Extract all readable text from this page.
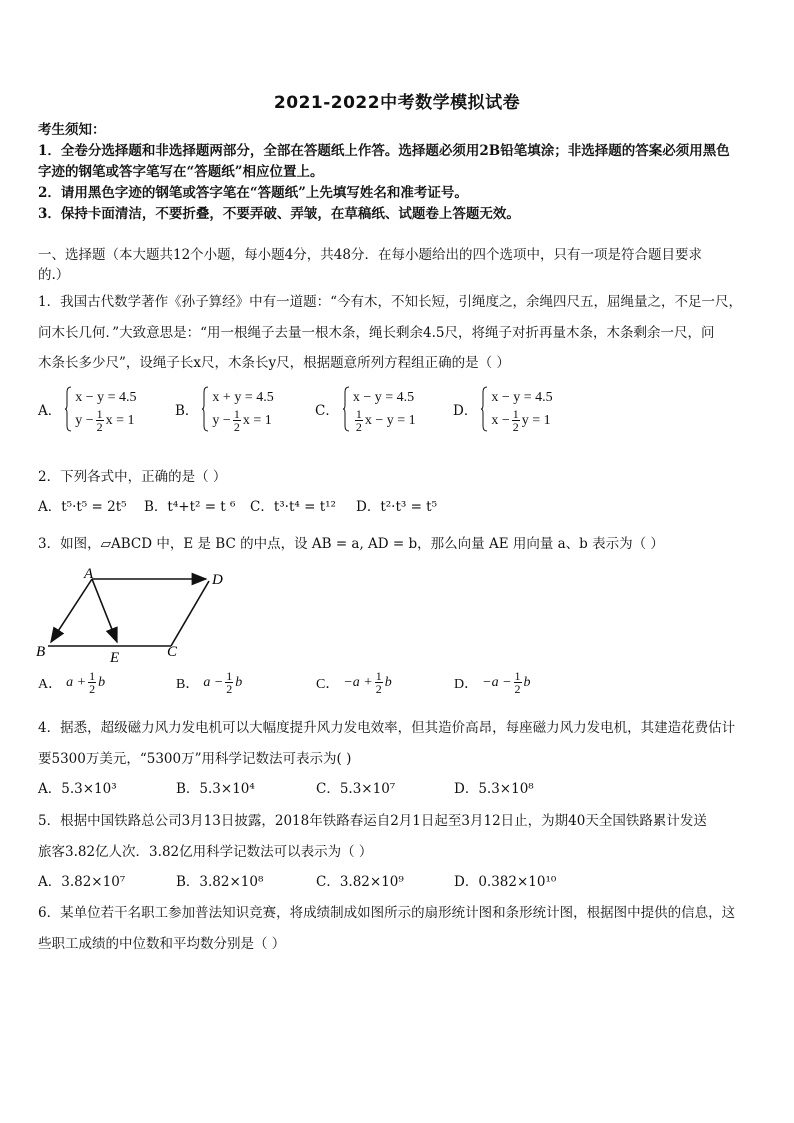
2021-2022中考数学模拟试卷
考生须知：
1．全卷分选择题和非选择题两部分，全部在答题纸上作答。选择题必须用2B铅笔填涂；非选择题的答案必须用黑色
字迹的钢笔或答字笔写在“答题纸”相应位置上。
2．请用黑色字迹的钢笔或答字笔在“答题纸”上先填写姓名和准考证号。
3．保持卡面清洁，不要折叠，不要弄破、弄皱，在草稿纸、试题卷上答题无效。
一、选择题（本大题共12个小题，每小题4分，共48分．在每小题给出的四个选项中，只有一项是符合题目要求
的.）
1．我国古代数学著作《孙子算经》中有一道题：“今有木，不知长短，引绳度之，余绳四尺五，屈绳量之，不足一尺，
问木长几何．”大致意思是：“用一根绳子去量一根木条，绳长剩余4.5尺，将绳子对折再量木条，木条剩余一尺，问
木条长多少尺”，设绳子长x尺，木条长y尺，根据题意所列方程组正确的是（ ）
A．
x − y = 4.5
$y - \frac{1}{2}$ x = 1
B．
x + y = 4.5
$y - \frac{1}{2}$ x = 1
C．
x − y = 4.5
$\frac{1}{2}$ x − y = 1
D．
x − y = 4.5
$x - \frac{1}{2}$ y = 1
2．下列各式中，正确的是（ ）
A．t⁵·t⁵ = 2t⁵	B．t⁴+t² = t ⁶	C．t³·t⁴ = t¹²	D．t²·t³ = t⁵
3．如图，▱ABCD 中，E 是 BC 的中点，设 AB = a, AD = b，那么向量 AE 用向量 a、b 表示为（ ）
A
B	C
D
E
A． $a + \frac{1}{2}$ b	B． $a - \frac{1}{2}$ b	C． $-a + \frac{1}{2}$ b	D． $-a - \frac{1}{2}$ b
4．据悉，超级磁力风力发电机可以大幅度提升风力发电效率，但其造价高昂，每座磁力风力发电机，其建造花费估计
要5300万美元，“5300万”用科学记数法可表示为( )
A．5.3×10³	B．5.3×10⁴	C．5.3×10⁷	D．5.3×10⁸
5．根据中国铁路总公司3月13日披露，2018年铁路春运自2月1日起至3月12日止，为期40天全国铁路累计发送
旅客3.82亿人次．3.82亿用科学记数法可以表示为（ ）
A．3.82×10⁷	B．3.82×10⁸	C．3.82×10⁹	D．0.382×10¹⁰
6．某单位若干名职工参加普法知识竞赛，将成绩制成如图所示的扇形统计图和条形统计图，根据图中提供的信息，这
些职工成绩的中位数和平均数分别是（ ）
